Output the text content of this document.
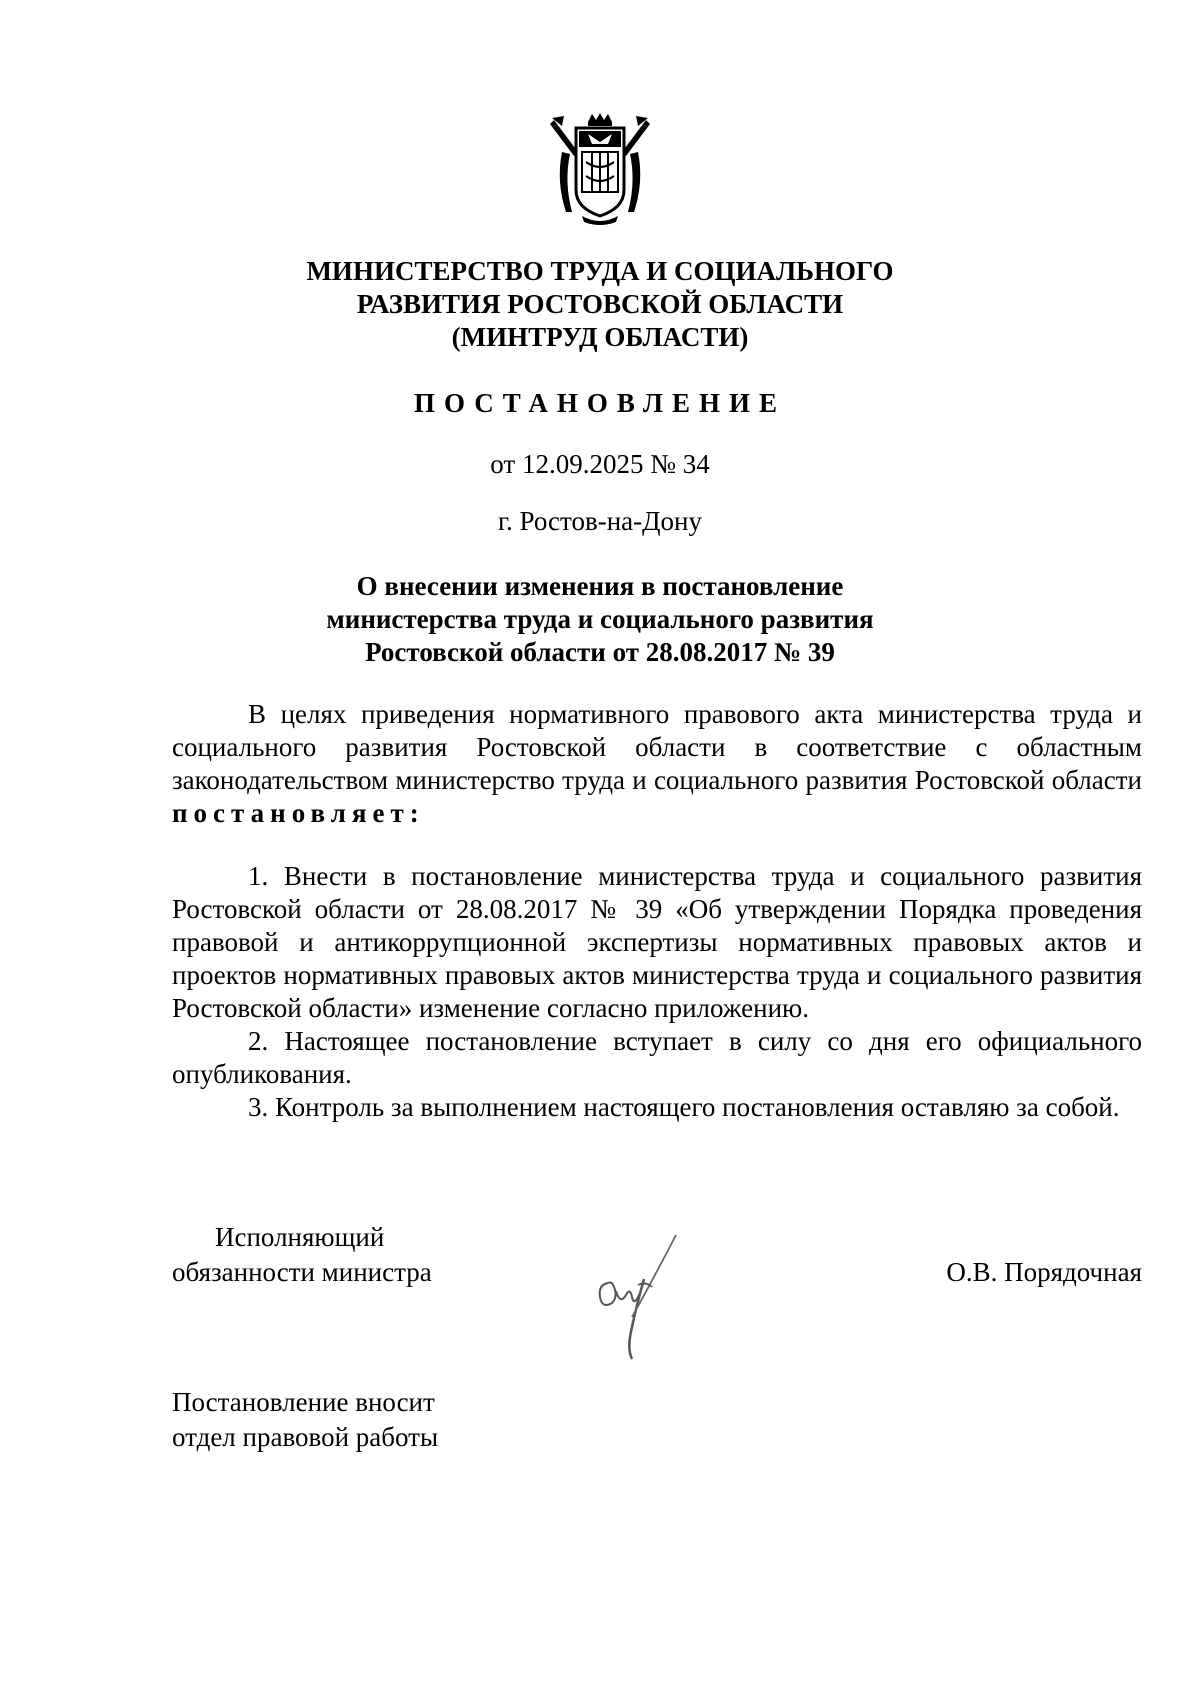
МИНИСТЕРСТВО ТРУДА И СОЦИАЛЬНОГО
РАЗВИТИЯ РОСТОВСКОЙ ОБЛАСТИ
(МИНТРУД ОБЛАСТИ)
ПОСТАНОВЛЕНИЕ
от 12.09.2025 № 34
г. Ростов-на-Дону
О внесении изменения в постановление
министерства труда и социального развития
Ростовской области от 28.08.2017 № 39

В целях приведения нормативного правового акта министерства труда и социального развития Ростовской области в соответствие с областным законодательством министерство труда и социального развития Ростовской области постановляет:

1. Внести в постановление министерства труда и социального развития Ростовской области от 28.08.2017 № 39 «Об утверждении Порядка проведения правовой и антикоррупционной экспертизы нормативных правовых актов и проектов нормативных правовых актов министерства труда и социального развития Ростовской области» изменение согласно приложению.

2. Настоящее постановление вступает в силу со дня его официального опубликования.

3. Контроль за выполнением настоящего постановления оставляю за собой.

Исполняющий
обязанности министра	О.В. Порядочная
Постановление вносит
отдел правовой работы
